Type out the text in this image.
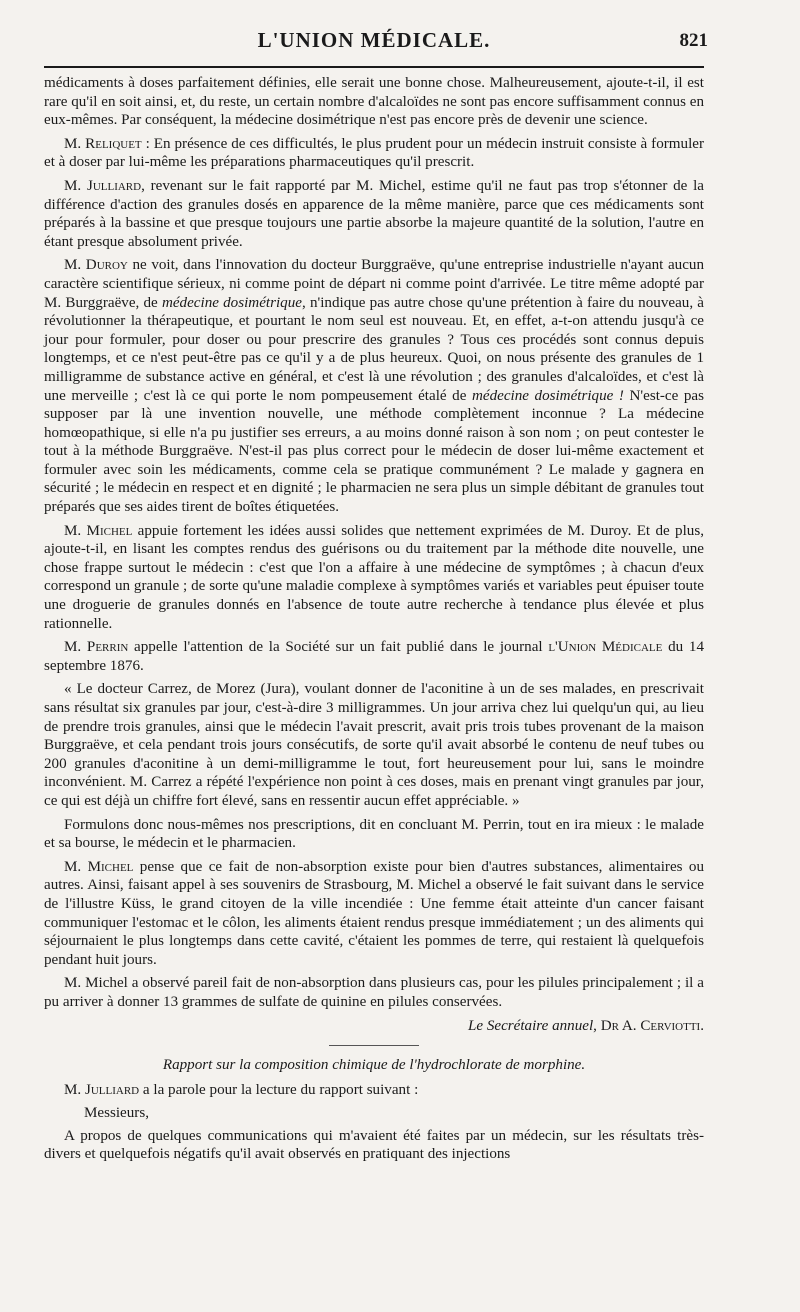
L'UNION MÉDICALE.	821

médicaments à doses parfaitement définies, elle serait une bonne chose. Malheureusement, ajoute-t-il, il est rare qu'il en soit ainsi, et, du reste, un certain nombre d'alcaloïdes ne sont pas encore suffisamment connus en eux-mêmes. Par conséquent, la médecine dosimétrique n'est pas encore près de devenir une science.

M. Reliquet : En présence de ces difficultés, le plus prudent pour un médecin instruit consiste à formuler et à doser par lui-même les préparations pharmaceutiques qu'il prescrit.

M. Julliard, revenant sur le fait rapporté par M. Michel, estime qu'il ne faut pas trop s'étonner de la différence d'action des granules dosés en apparence de la même manière, parce que ces médicaments sont préparés à la bassine et que presque toujours une partie absorbe la majeure quantité de la solution, l'autre en étant presque absolument privée.

M. Duroy ne voit, dans l'innovation du docteur Burggraëve, qu'une entreprise industrielle n'ayant aucun caractère scientifique sérieux, ni comme point de départ ni comme point d'arrivée. Le titre même adopté par M. Burggraëve, de médecine dosimétrique, n'indique pas autre chose qu'une prétention à faire du nouveau, à révolutionner la thérapeutique, et pourtant le nom seul est nouveau. Et, en effet, a-t-on attendu jusqu'à ce jour pour formuler, pour doser ou pour prescrire des granules ? Tous ces procédés sont connus depuis longtemps, et ce n'est peut-être pas ce qu'il y a de plus heureux. Quoi, on nous présente des granules de 1 milligramme de substance active en général, et c'est là une révolution ; des granules d'alcaloïdes, et c'est là une merveille ; c'est là ce qui porte le nom pompeusement étalé de médecine dosimétrique ! N'est-ce pas supposer par là une invention nouvelle, une méthode complètement inconnue ? La médecine homœopathique, si elle n'a pu justifier ses erreurs, a au moins donné raison à son nom ; on peut contester le tout à la méthode Burggraëve. N'est-il pas plus correct pour le médecin de doser lui-même exactement et formuler avec soin les médicaments, comme cela se pratique communément ? Le malade y gagnera en sécurité ; le médecin en respect et en dignité ; le pharmacien ne sera plus un simple débitant de granules tout préparés que ses aides tirent de boîtes étiquetées.

M. Michel appuie fortement les idées aussi solides que nettement exprimées de M. Duroy. Et de plus, ajoute-t-il, en lisant les comptes rendus des guérisons ou du traitement par la méthode dite nouvelle, une chose frappe surtout le médecin : c'est que l'on a affaire à une médecine de symptômes ; à chacun d'eux correspond un granule ; de sorte qu'une maladie complexe à symptômes variés et variables peut épuiser toute une droguerie de granules donnés en l'absence de toute autre recherche à tendance plus élevée et plus rationnelle.

M. Perrin appelle l'attention de la Société sur un fait publié dans le journal l'Union Médicale du 14 septembre 1876.

« Le docteur Carrez, de Morez (Jura), voulant donner de l'aconitine à un de ses malades, en prescrivait sans résultat six granules par jour, c'est-à-dire 3 milligrammes. Un jour arriva chez lui quelqu'un qui, au lieu de prendre trois granules, ainsi que le médecin l'avait prescrit, avait pris trois tubes provenant de la maison Burggraëve, et cela pendant trois jours consécutifs, de sorte qu'il avait absorbé le contenu de neuf tubes ou 200 granules d'aconitine à un demi-milligramme le tout, fort heureusement pour lui, sans le moindre inconvénient. M. Carrez a répété l'expérience non point à ces doses, mais en prenant vingt granules par jour, ce qui est déjà un chiffre fort élevé, sans en ressentir aucun effet appréciable. »

Formulons donc nous-mêmes nos prescriptions, dit en concluant M. Perrin, tout en ira mieux : le malade et sa bourse, le médecin et le pharmacien.

M. Michel pense que ce fait de non-absorption existe pour bien d'autres substances, alimentaires ou autres. Ainsi, faisant appel à ses souvenirs de Strasbourg, M. Michel a observé le fait suivant dans le service de l'illustre Küss, le grand citoyen de la ville incendiée : Une femme était atteinte d'un cancer faisant communiquer l'estomac et le côlon, les aliments étaient rendus presque immédiatement ; un des aliments qui séjournaient le plus longtemps dans cette cavité, c'étaient les pommes de terre, qui restaient là quelquefois pendant huit jours.

M. Michel a observé pareil fait de non-absorption dans plusieurs cas, pour les pilules principalement ; il a pu arriver à donner 13 grammes de sulfate de quinine en pilules conservées.

Le Secrétaire annuel, Dr A. Cerviotti.

Rapport sur la composition chimique de l'hydrochlorate de morphine.

M. Julliard a la parole pour la lecture du rapport suivant :

Messieurs,

A propos de quelques communications qui m'avaient été faites par un médecin, sur les résultats très-divers et quelquefois négatifs qu'il avait observés en pratiquant des injections
